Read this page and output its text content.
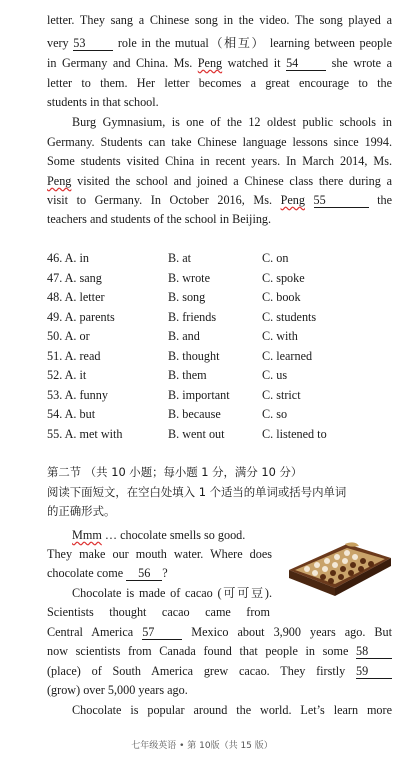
letter. They sang a Chinese song in the video. The song played a
very 53	role in the mutual（相互） learning between people
in Germany and China. Ms. Peng watched it 54	she wrote a
letter to them. Her letter becomes a great encourage to the
students in that school.
Burg Gymnasium, is one of the 12 oldest public schools in
Germany. Students can take Chinese language lessons since 1994.
Some students visited China in recent years. In March 2014, Ms.
Peng visited the school and joined a Chinese class there during a
visit to Germany. In October 2016, Ms. Peng 55	the
teachers and students of the school in Beijing.
46. A. in	B. at	C. on
47. A. sang	B. wrote	C. spoke
48. A. letter	B. song	C. book
49. A. parents	B. friends	C. students
50. A. or	B. and	C. with
51. A. read	B. thought	C. learned
52. A. it	B. them	C. us
53. A. funny	B. important	C. strict
54. A. but	B. because	C. so
55. A. met with	B. went out	C. listened to
第二节 （共 10 小题；每小题 1 分，满分 10 分）
阅读下面短文，在空白处填入 1 个适当的单词或括号内单词
的正确形式。
Mmm … chocolate smells so good.
They make our mouth water. Where does
chocolate come 56 ?
Chocolate is made of cacao (可可豆).
Scientists thought cacao came from
Central America 57	Mexico about 3,900 years ago. But
now scientists from Canada found that people in some 58
(place) of South America grew cacao. They firstly 59
(grow) over 5,000 years ago.
Chocolate is popular around the world. Let’s learn more
七年级英语 • 第 10版（共 15 版）
